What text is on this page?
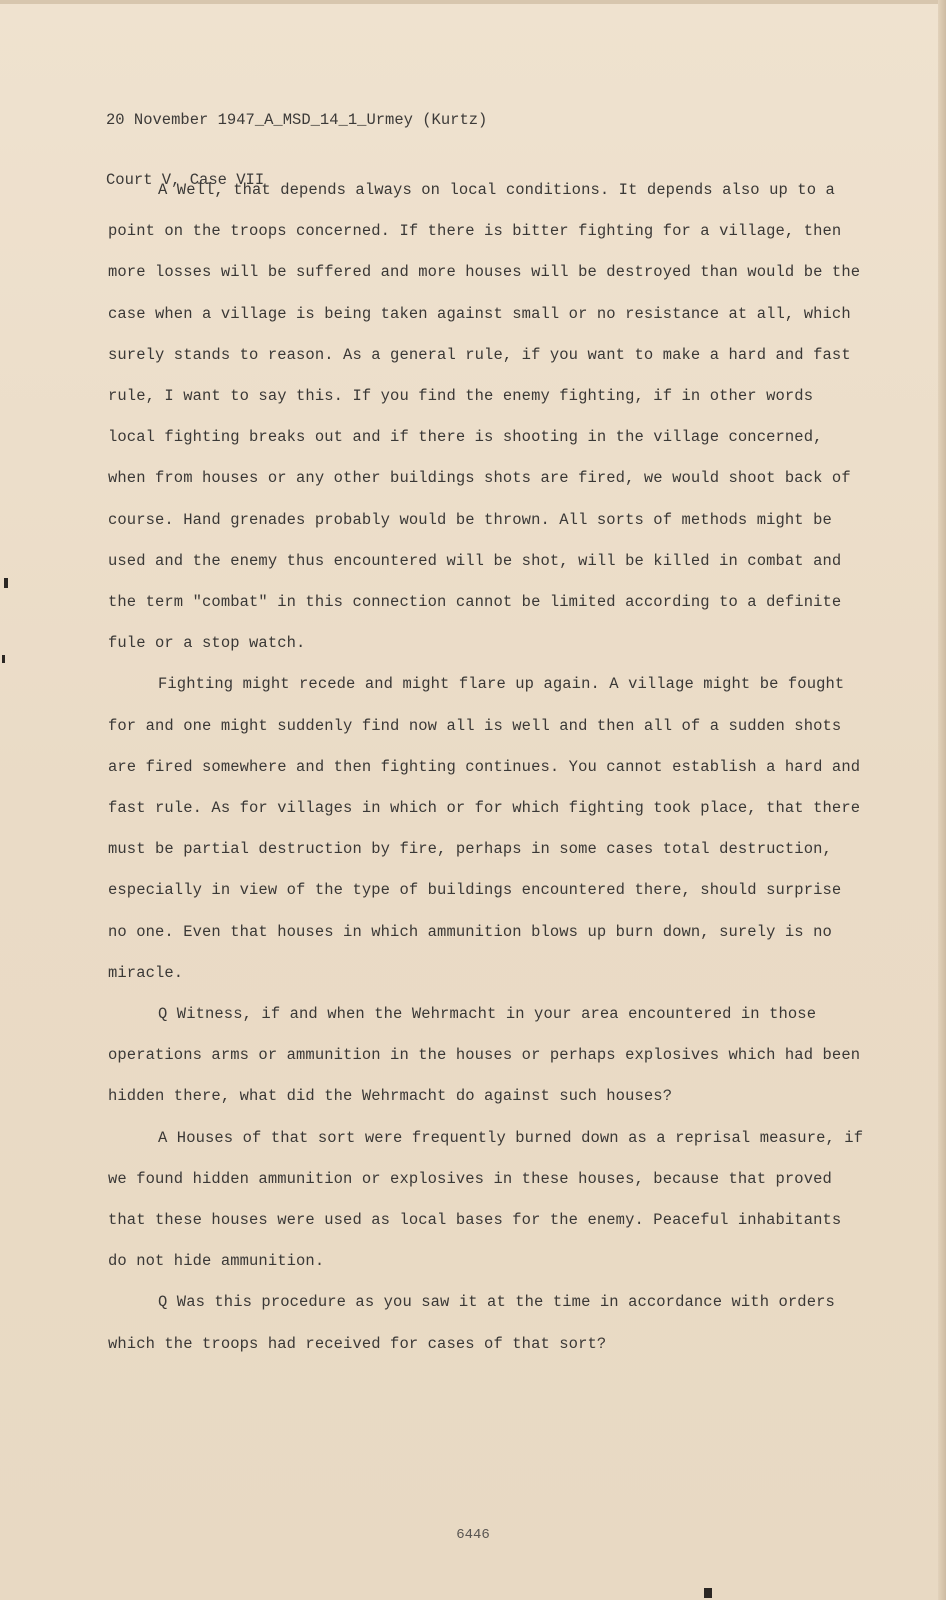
20 November 1947_A_MSD_14_1_Urmey (Kurtz)

Court V, Case VII

A Well, that depends always on local conditions. It depends also up to a point on the troops concerned. If there is bitter fighting for a village, then more losses will be suffered and more houses will be destroyed than would be the case when a village is being taken against small or no resistance at all, which surely stands to reason. As a general rule, if you want to make a hard and fast rule, I want to say this. If you find the enemy fighting, if in other words local fighting breaks out and if there is shooting in the village concerned, when from houses or any other buildings shots are fired, we would shoot back of course. Hand grenades probably would be thrown. All sorts of methods might be used and the enemy thus encountered will be shot, will be killed in combat and the term "combat" in this connection cannot be limited according to a definite fule or a stop watch.

Fighting might recede and might flare up again. A village might be fought for and one might suddenly find now all is well and then all of a sudden shots are fired somewhere and then fighting continues. You cannot establish a hard and fast rule. As for villages in which or for which fighting took place, that there must be partial destruction by fire, perhaps in some cases total destruction, especially in view of the type of buildings encountered there, should surprise no one. Even that houses in which ammunition blows up burn down, surely is no miracle.

Q Witness, if and when the Wehrmacht in your area encountered in those operations arms or ammunition in the houses or perhaps explosives which had been hidden there, what did the Wehrmacht do against such houses?

A Houses of that sort were frequently burned down as a reprisal measure, if we found hidden ammunition or explosives in these houses, because that proved that these houses were used as local bases for the enemy. Peaceful inhabitants do not hide ammunition.

Q Was this procedure as you saw it at the time in accordance with orders which the troops had received for cases of that sort?

6446
